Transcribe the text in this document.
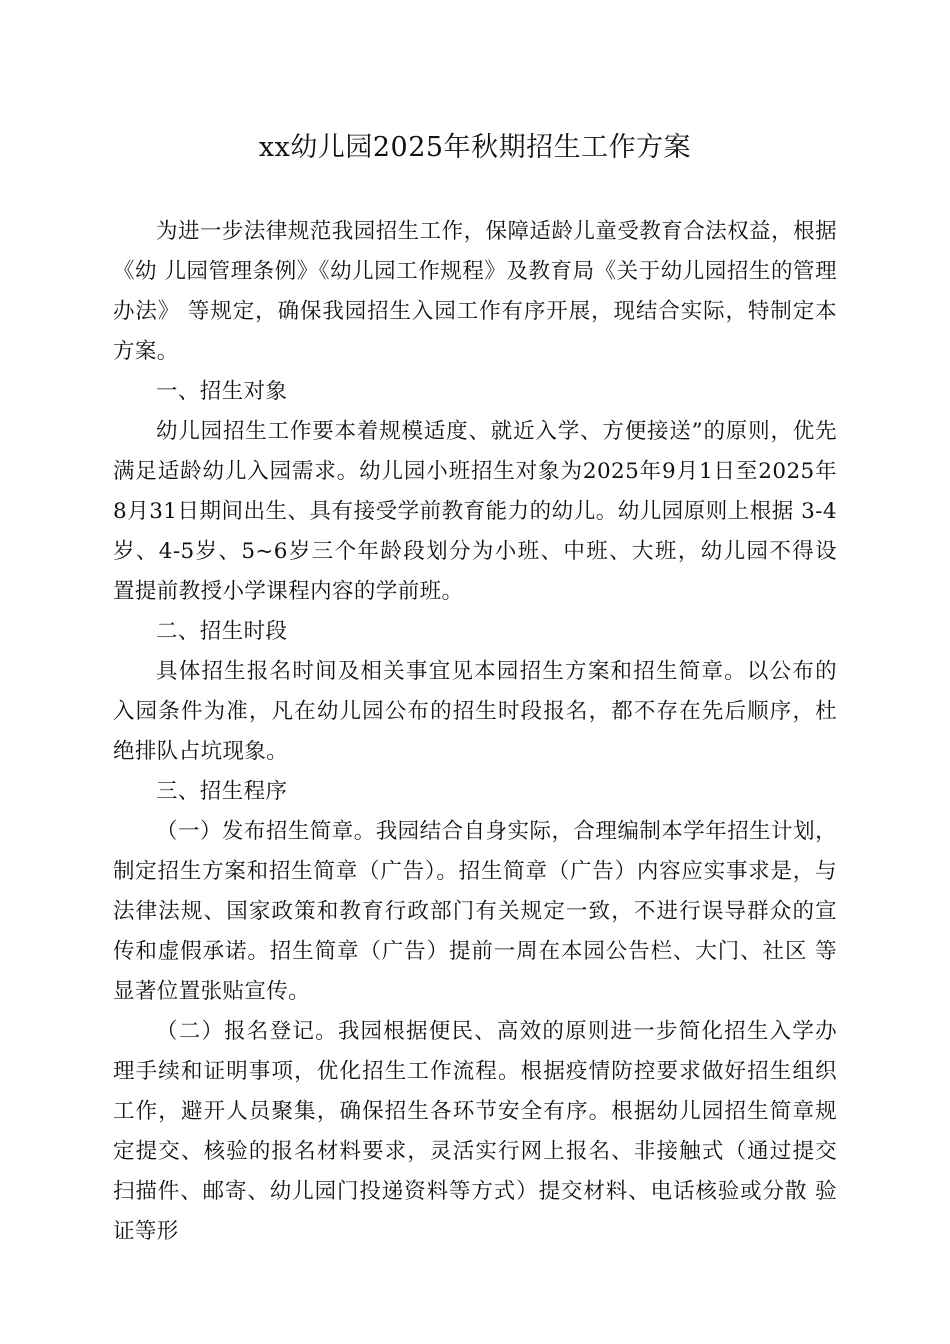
xx幼儿园2025年秋期招生工作方案

为进一步法律规范我园招生工作，保障适龄儿童受教育合法权益，根据《幼 儿园管理条例》《幼儿园工作规程》及教育局《关于幼儿园招生的管理办法》 等规定，确保我园招生入园工作有序开展，现结合实际，特制定本方案。

一、招生对象

幼儿园招生工作要本着规模适度、就近入学、方便接送”的原则，优先满足适龄幼儿入园需求。幼儿园小班招生对象为2025年9月1日至2025年8月31日期间出生、具有接受学前教育能力的幼儿。幼儿园原则上根据 3-4岁、4-5岁、5~6岁三个年龄段划分为小班、中班、大班，幼儿园不得设 置提前教授小学课程内容的学前班。

二、招生时段

具体招生报名时间及相关事宜见本园招生方案和招生简章。以公布的 入园条件为准，凡在幼儿园公布的招生时段报名，都不存在先后顺序，杜 绝排队占坑现象。

三、招生程序

（一）发布招生简章。我园结合自身实际，合理编制本学年招生计划，制定招生方案和招生简章（广告）。招生简章（广告）内容应实事求是，与法律法规、国家政策和教育行政部门有关规定一致，不进行误导群众的宣 传和虚假承诺。招生简章（广告）提前一周在本园公告栏、大门、社区 等显著位置张贴宣传。

（二）报名登记。我园根据便民、高效的原则进一步简化招生入学办 理手续和证明事项，优化招生工作流程。根据疫情防控要求做好招生组织 工作，避开人员聚集，确保招生各环节安全有序。根据幼儿园招生简章规 定提交、核验的报名材料要求，灵活实行网上报名、非接触式（通过提交 扫描件、邮寄、幼儿园门投递资料等方式）提交材料、电话核验或分散 验证等形
